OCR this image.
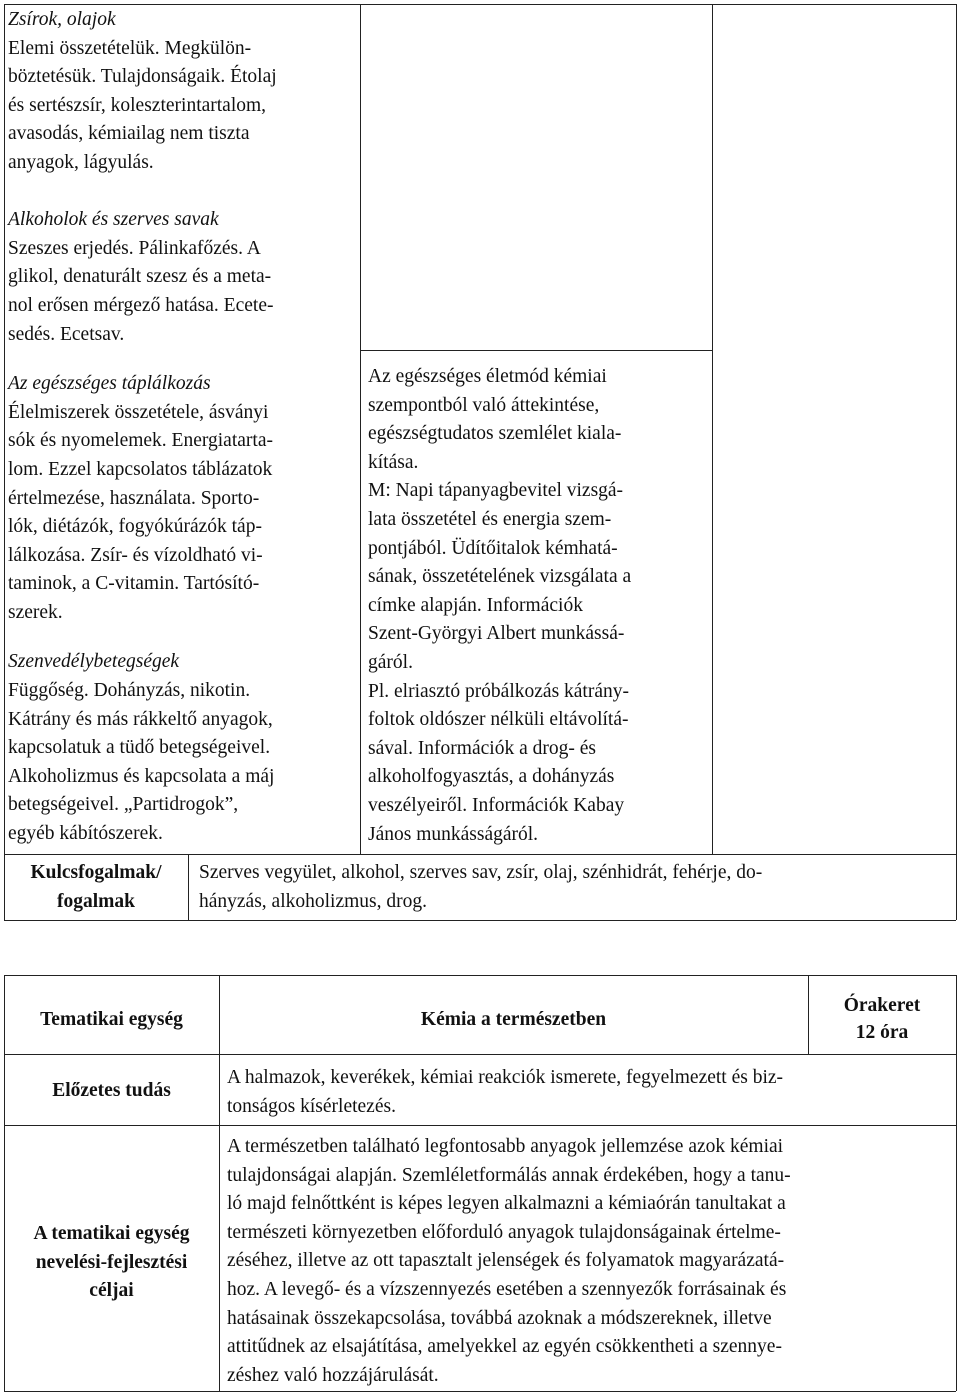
Zsírok, olajok

Elemi összetételük. Megkülön-
böztetésük. Tulajdonságaik. Étolaj
és sertészsír, koleszterintartalom,
avasodás, kémiailag nem tiszta
anyagok, lágyulás.

Alkoholok és szerves savak

Szeszes erjedés. Pálinkafőzés. A
glikol, denaturált szesz és a meta-
nol erősen mérgező hatása. Ecete-
sedés. Ecetsav.

Az egészséges táplálkozás

Élelmiszerek összetétele, ásványi
sók és nyomelemek. Energiatarta-
lom. Ezzel kapcsolatos táblázatok
értelmezése, használata. Sporto-
lók, diétázók, fogyókúrázók táp-
lálkozása. Zsír- és vízoldható vi-
taminok, a C-vitamin. Tartósító-
szerek.

Szenvedélybetegségek

Függőség. Dohányzás, nikotin.
Kátrány és más rákkeltő anyagok,
kapcsolatuk a tüdő betegségeivel.
Alkoholizmus és kapcsolata a máj
betegségeivel. „Partidrogok”,
egyéb kábítószerek.

Az egészséges életmód kémiai
szempontból való áttekintése,
egészségtudatos szemlélet kiala-
kítása.

M: Napi tápanyagbevitel vizsgá-
lata összetétel és energia szem-
pontjából. Üdítőitalok kémhatá-
sának, összetételének vizsgálata a
címke alapján. Információk
Szent-Györgyi Albert munkássá-
gáról.
Pl. elriasztó próbálkozás kátrány-
foltok oldószer nélküli eltávolítá-
sával. Információk a drog- és
alkoholfogyasztás, a dohányzás
veszélyeiről. Információk Kabay
János munkásságáról.

Kulcsfogalmak/
fogalmak

Szerves vegyület, alkohol, szerves sav, zsír, olaj, szénhidrát, fehérje, do-
hányzás, alkoholizmus, drog.

Tematikai egység	Kémia a természetben
Órakeret
12 óra
Előzetes tudás

A halmazok, keverékek, kémiai reakciók ismerete, fegyelmezett és biz-
tonságos kísérletezés.

A tematikai egység
nevelési-fejlesztési
céljai

A természetben található legfontosabb anyagok jellemzése azok kémiai
tulajdonságai alapján. Szemléletformálás annak érdekében, hogy a tanu-
ló majd felnőttként is képes legyen alkalmazni a kémiaórán tanultakat a
természeti környezetben előforduló anyagok tulajdonságainak értelme-
zéséhez, illetve az ott tapasztalt jelenségek és folyamatok magyarázatá-
hoz. A levegő- és a vízszennyezés esetében a szennyezők forrásainak és
hatásainak összekapcsolása, továbbá azoknak a módszereknek, illetve
attitűdnek az elsajátítása, amelyekkel az egyén csökkentheti a szennye-
zéshez való hozzájárulását.
